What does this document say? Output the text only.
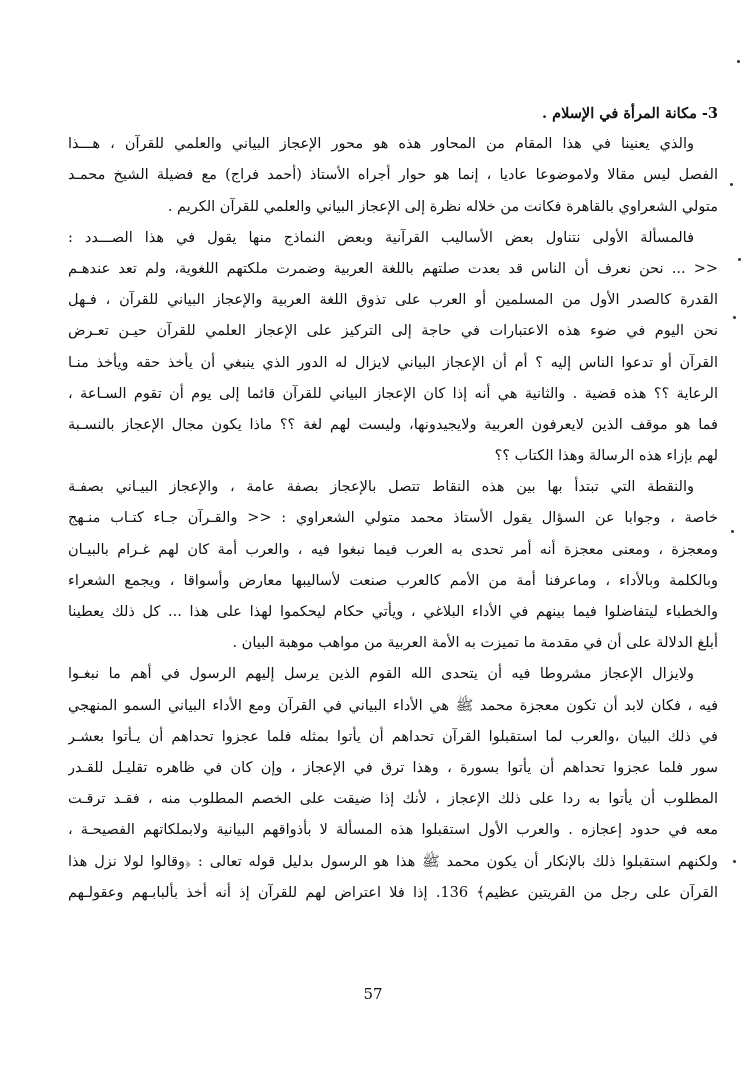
3- مكانة المرأة في الإسلام .
والذي يعنينا في هذا المقام من المحاور هذه هو محور الإعجاز البياني والعلمي للقرآن ، هـــذا
الفصل ليس مقالا ولاموضوعا عاديا ، إنما هو حوار أجراه الأستاذ (أحمد فراج) مع فضيلة الشيخ محمـد
متولي الشعراوي بالقاهرة فكانت من خلاله نظرة إلى الإعجاز البياني والعلمي للقرآن الكريم .
فالمسألة الأولى نتناول بعض الأساليب القرآنية وبعض النماذج منها يقول في هذا الصـــدد :
<< ... نحن نعرف أن الناس قد بعدت صلتهم باللغة العربية وضمرت ملكتهم اللغوية، ولم تعد عندهـم
القدرة كالصدر الأول من المسلمين أو العرب على تذوق اللغة العربية والإعجاز البياني للقرآن ، فـهل
نحن اليوم في ضوء هذه الاعتبارات في حاجة إلى التركيز على الإعجاز العلمي للقرآن حيـن تعـرض
القرآن أو تدعوا الناس إليه ؟ أم أن الإعجاز البياني لايزال له الدور الذي ينبغي أن يأخذ حقه ويأخذ منـا
الرعاية ؟؟ هذه قضية . والثانية هي أنه إذا كان الإعجاز البياني للقرآن قائما إلى يوم أن تقوم السـاعة ،
فما هو موقف الذين لايعرفون العربية ولايجيدونها، وليست لهم لغة ؟؟ ماذا يكون مجال الإعجاز بالنسـبة
لهم بإزاء هذه الرسالة وهذا الكتاب ؟؟
والنقطة التي تبتدأ بها بين هذه النقاط تتصل بالإعجاز بصفة عامة ، والإعجاز البيـاني بصفـة
خاصة ، وجوابا عن السؤال يقول الأستاذ محمد متولي الشعراوي : << والقـرآن جـاء كتـاب منـهج
ومعجزة ، ومعنى معجزة أنه أمر تحدى به العرب فيما نبغوا فيه ، والعرب أمة كان لهم غـرام بالبيـان
وبالكلمة وبالأداء ، وماعرفنا أمة من الأمم كالعرب صنعت لأساليبها معارض وأسواقا ، ويجمع الشعراء
والخطباء ليتفاضلوا فيما بينهم في الأداء البلاغي ، ويأتي حكام ليحكموا لهذا على هذا ... كل ذلك يعطينا
أبلغ الدلالة على أن في مقدمة ما تميزت به الأمة العربية من مواهب موهبة البيان .
ولايزال الإعجاز مشروطا فيه أن يتحدى الله القوم الذين يرسل إليهم الرسول في أهم ما نبغـوا
فيه ، فكان لابد أن تكون معجزة محمد ﷺ هي الأداء البياني في القرآن ومع الأداء البياني السمو المنهجي
في ذلك البيان ،والعرب لما استقبلوا القرآن تحداهم أن يأتوا بمثله فلما عجزوا تحداهم أن يـأتوا بعشـر
سور فلما عجزوا تحداهم أن يأتوا بسورة ، وهذا ترق في الإعجاز ، وإن كان في ظاهره تقليـل للقـدر
المطلوب أن يأتوا به ردا على ذلك الإعجاز ، لأنك إذا ضيقت على الخصم المطلوب منه ، فقـد ترقـت
معه في حدود إعجازه . والعرب الأول استقبلوا هذه المسألة لا بأذواقهم البيانية ولابملكاتهم الفصيحـة ،
ولكنهم استقبلوا ذلك بالإنكار أن يكون محمد ﷺ هذا هو الرسول بدليل قوله تعالى : ﴿وقالوا لولا نزل هذا
القرآن على رجل من القريتين عظيم﴾ 136. إذا فلا اعتراض لهم للقرآن إذ أنه أخذ بألبابـهم وعقولـهم
57
